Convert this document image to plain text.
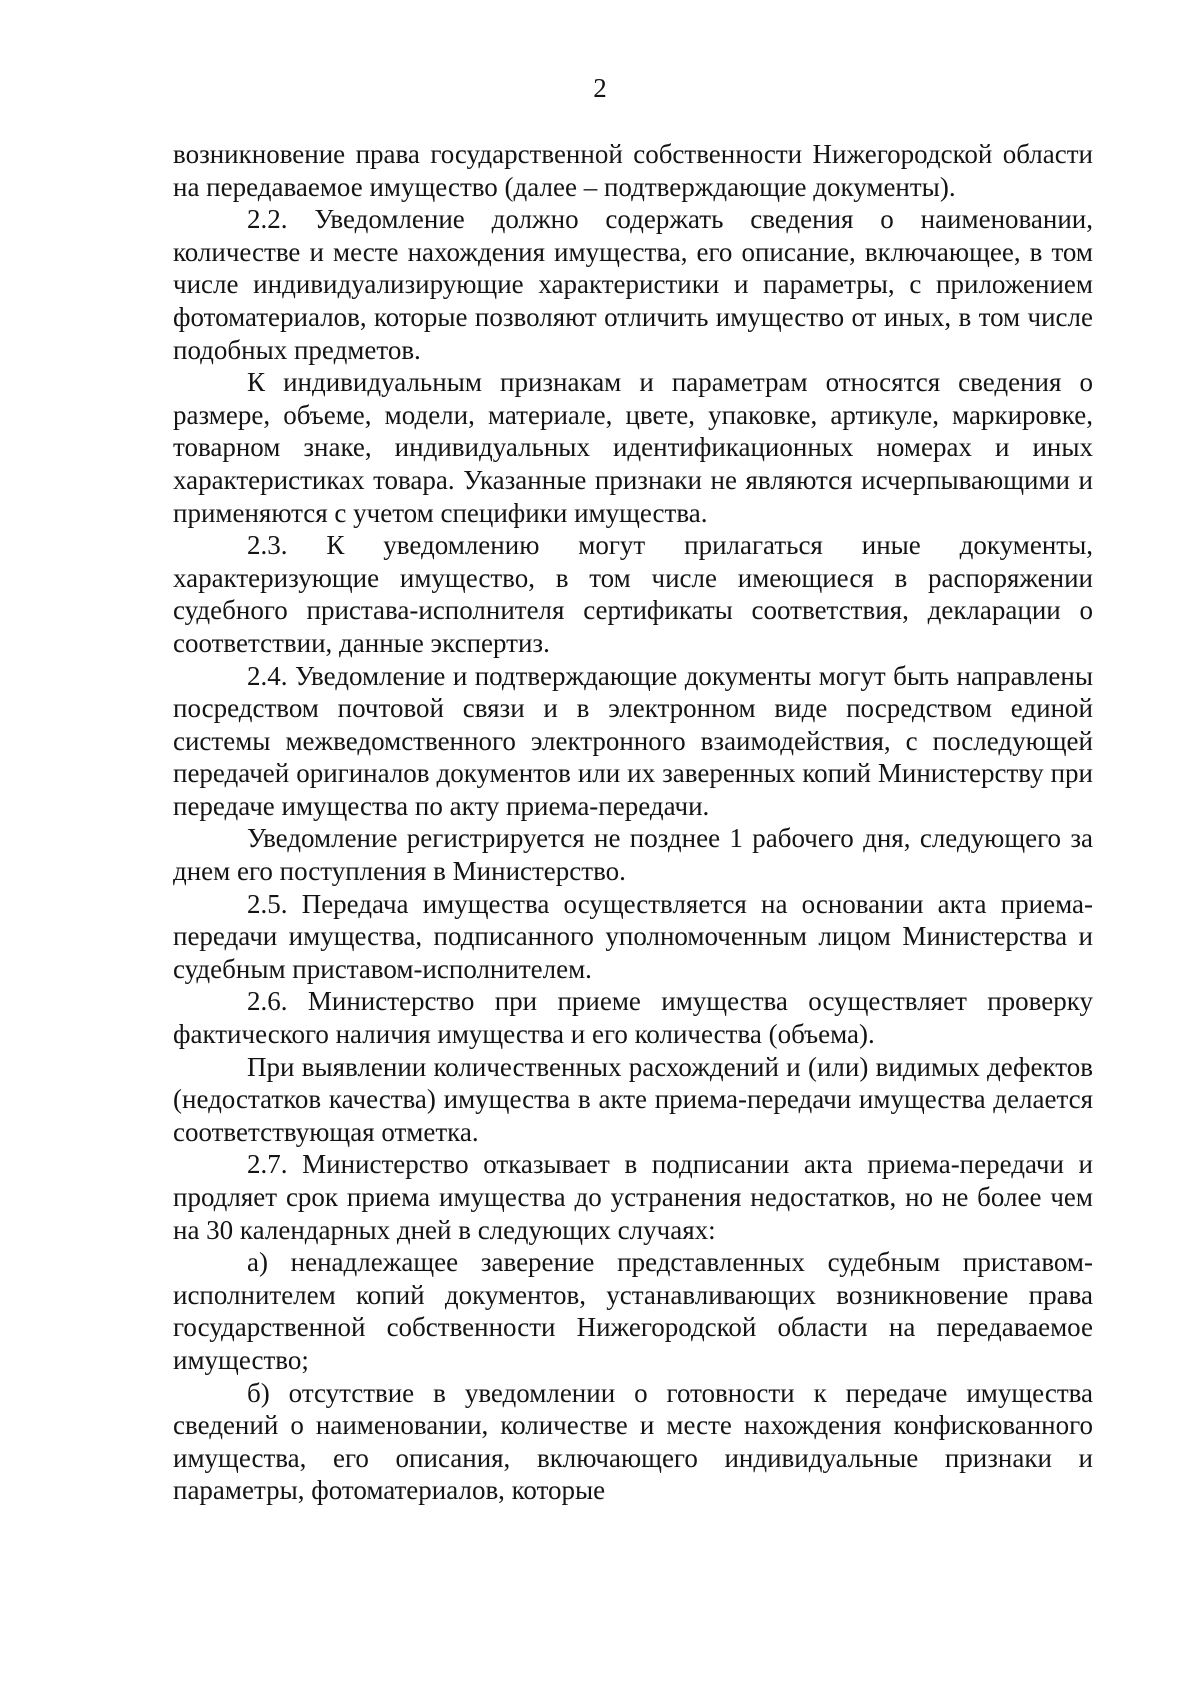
2

возникновение права государственной собственности Нижегородской области на передаваемое имущество (далее – подтверждающие документы).

2.2. Уведомление должно содержать сведения о наименовании, количестве и месте нахождения имущества, его описание, включающее, в том числе индивидуализирующие характеристики и параметры, с приложением фотоматериалов, которые позволяют отличить имущество от иных, в том числе подобных предметов.

К индивидуальным признакам и параметрам относятся сведения о размере, объеме, модели, материале, цвете, упаковке, артикуле, маркировке, товарном знаке, индивидуальных идентификационных номерах и иных характеристиках товара. Указанные признаки не являются исчерпывающими и применяются с учетом специфики имущества.

2.3. К уведомлению могут прилагаться иные документы, характеризующие имущество, в том числе имеющиеся в распоряжении судебного пристава-исполнителя сертификаты соответствия, декларации о соответствии, данные экспертиз.

2.4. Уведомление и подтверждающие документы могут быть направлены посредством почтовой связи и в электронном виде посредством единой системы межведомственного электронного взаимодействия, с последующей передачей оригиналов документов или их заверенных копий Министерству при передаче имущества по акту приема-передачи.

Уведомление регистрируется не позднее 1 рабочего дня, следующего за днем его поступления в Министерство.

2.5. Передача имущества осуществляется на основании акта приема-передачи имущества, подписанного уполномоченным лицом Министерства и судебным приставом-исполнителем.

2.6. Министерство при приеме имущества осуществляет проверку фактического наличия имущества и его количества (объема).

При выявлении количественных расхождений и (или) видимых дефектов (недостатков качества) имущества в акте приема-передачи имущества делается соответствующая отметка.

2.7. Министерство отказывает в подписании акта приема-передачи и продляет срок приема имущества до устранения недостатков, но не более чем на 30 календарных дней в следующих случаях:

а) ненадлежащее заверение представленных судебным приставом-исполнителем копий документов, устанавливающих возникновение права государственной собственности Нижегородской области на передаваемое имущество;

б) отсутствие в уведомлении о готовности к передаче имущества сведений о наименовании, количестве и месте нахождения конфискованного имущества, его описания, включающего индивидуальные признаки и параметры, фотоматериалов, которые
